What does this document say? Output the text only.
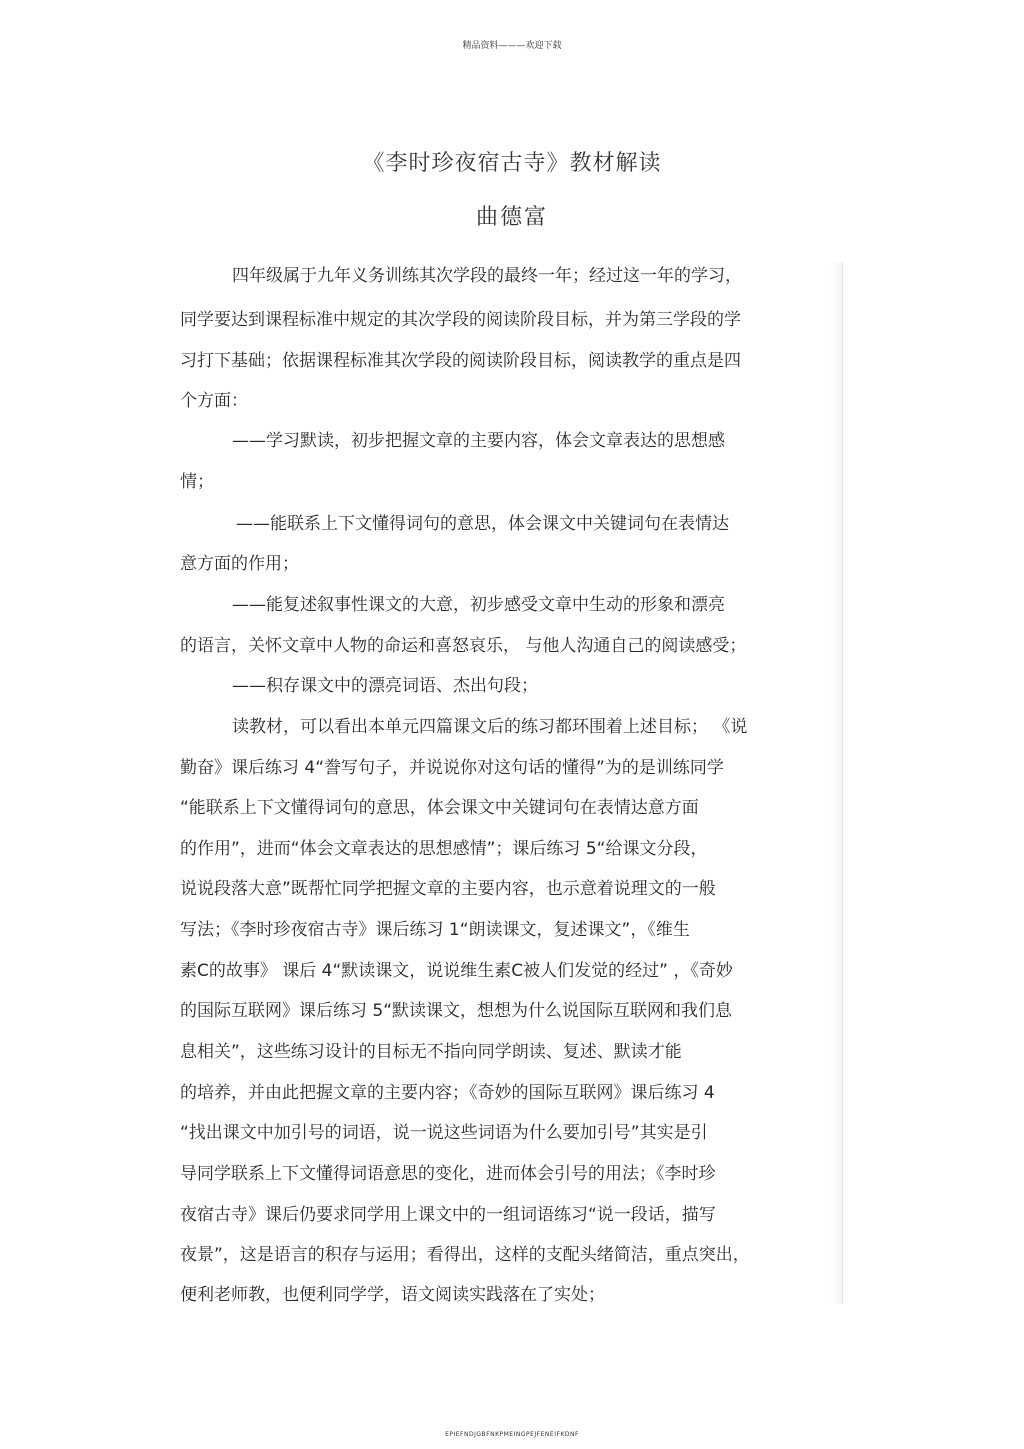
精品资料———欢迎下载
《李时珍夜宿古寺》教材解读
曲德富
四年级属于九年义务训练其次学段的最终一年；经过这一年的学习，
同学要达到课程标准中规定的其次学段的阅读阶段目标，并为第三学段的学
习打下基础；依据课程标准其次学段的阅读阶段目标，阅读教学的重点是四
个方面：
——学习默读，初步把握文章的主要内容，体会文章表达的思想感
情；
——能联系上下文懂得词句的意思，体会课文中关键词句在表情达
意方面的作用；
——能复述叙事性课文的大意，初步感受文章中生动的形象和漂亮
的语言，关怀文章中人物的命运和喜怒哀乐， 与他人沟通自己的阅读感受；
——积存课文中的漂亮词语、杰出句段；
读教材，可以看出本单元四篇课文后的练习都环围着上述目标； 《说
勤奋》课后练习 4“誊写句子，并说说你对这句话的懂得”为的是训练同学
“能联系上下文懂得词句的意思，体会课文中关键词句在表情达意方面
的作用”，进而“体会文章表达的思想感情”；课后练习 5“给课文分段，
说说段落大意”既帮忙同学把握文章的主要内容，也示意着说理文的一般
写法；《李时珍夜宿古寺》课后练习 1“朗读课文，复述课文”，《维生
素C的故事》 课后 4“默读课文，说说维生素C被人们发觉的经过” ，《奇妙
的国际互联网》课后练习 5“默读课文，想想为什么说国际互联网和我们息
息相关”，这些练习设计的目标无不指向同学朗读、复述、默读才能
的培养，并由此把握文章的主要内容；《奇妙的国际互联网》课后练习 4
“找出课文中加引号的词语，说一说这些词语为什么要加引号”其实是引
导同学联系上下文懂得词语意思的变化，进而体会引号的用法；《李时珍
夜宿古寺》课后仍要求同学用上课文中的一组词语练习“说一段话，描写
夜景”，这是语言的积存与运用；看得出，这样的支配头绪简洁，重点突出，
便利老师教，也便利同学学，语文阅读实践落在了实处；
EPIEFNDJGBFNKPMEINGPEJFENEIFKDNF
